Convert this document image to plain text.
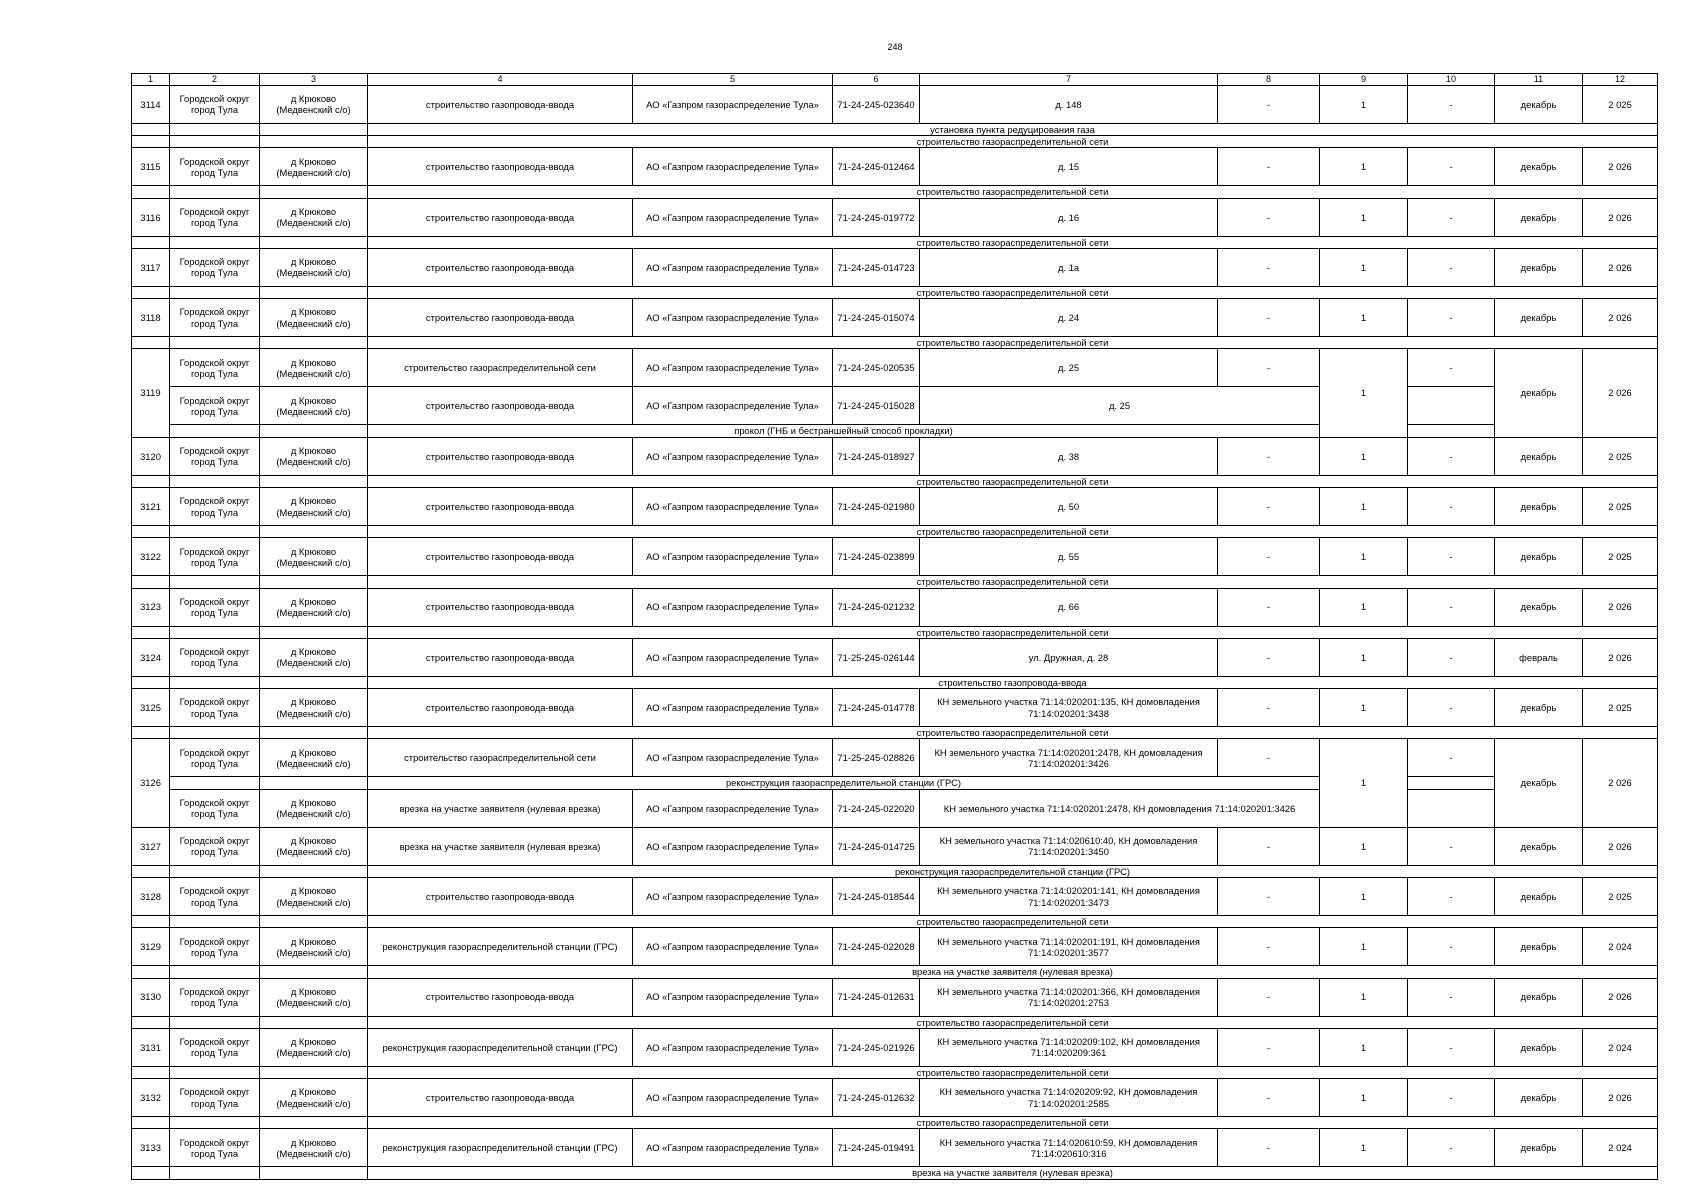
248
1	2	3	4	5	6	7	8	9	10	11	12
3114	Городской округ город Тула	д Крюково (Медвенский с/о)	строительство газопровода-ввода	АО «Газпром газораспределение Тула»	71-24-245-023640	д. 148	-	1	-	декабрь	2 025
			установка пункта редуцирования газа								
			строительство газораспределительной сети								
3115	Городской округ город Тула	д Крюково (Медвенский с/о)	строительство газопровода-ввода	АО «Газпром газораспределение Тула»	71-24-245-012464	д. 15	-	1	-	декабрь	2 026
			строительство газораспределительной сети								
3116	Городской округ город Тула	д Крюково (Медвенский с/о)	строительство газопровода-ввода	АО «Газпром газораспределение Тула»	71-24-245-019772	д. 16	-	1	-	декабрь	2 026
			строительство газораспределительной сети								
3117	Городской округ город Тула	д Крюково (Медвенский с/о)	строительство газопровода-ввода	АО «Газпром газораспределение Тула»	71-24-245-014723	д. 1а	-	1	-	декабрь	2 026
			строительство газораспределительной сети								
3118	Городской округ город Тула	д Крюково (Медвенский с/о)	строительство газопровода-ввода	АО «Газпром газораспределение Тула»	71-24-245-015074	д. 24	-	1	-	декабрь	2 026
			строительство газораспределительной сети								
3119	Городской округ город Тула	д Крюково (Медвенский с/о)	строительство газораспределительной сети	АО «Газпром газораспределение Тула»	71-24-245-020535	д. 25	-	1	-	декабрь	2 026
	Городской округ город Тула	д Крюково (Медвенский с/о)	строительство газопровода-ввода	АО «Газпром газораспределение Тула»	71-24-245-015028	д. 25					
			прокол (ГНБ и бестраншейный способ прокладки)								
3120	Городской округ город Тула	д Крюково (Медвенский с/о)	строительство газопровода-ввода	АО «Газпром газораспределение Тула»	71-24-245-018927	д. 38	-	1	-	декабрь	2 025
			строительство газораспределительной сети								
3121	Городской округ город Тула	д Крюково (Медвенский с/о)	строительство газопровода-ввода	АО «Газпром газораспределение Тула»	71-24-245-021980	д. 50	-	1	-	декабрь	2 025
			строительство газораспределительной сети								
3122	Городской округ город Тула	д Крюково (Медвенский с/о)	строительство газопровода-ввода	АО «Газпром газораспределение Тула»	71-24-245-023899	д. 55	-	1	-	декабрь	2 025
			строительство газораспределительной сети								
3123	Городской округ город Тула	д Крюково (Медвенский с/о)	строительство газопровода-ввода	АО «Газпром газораспределение Тула»	71-24-245-021232	д. 66	-	1	-	декабрь	2 026
			строительство газораспределительной сети								
3124	Городской округ город Тула	д Крюково (Медвенский с/о)	строительство газопровода-ввода	АО «Газпром газораспределение Тула»	71-25-245-026144	ул. Дружная, д. 28	-	1	-	февраль	2 026
			строительство газопровода-ввода								
3125	Городской округ город Тула	д Крюково (Медвенский с/о)	строительство газопровода-ввода	АО «Газпром газораспределение Тула»	71-24-245-014778	КН земельного участка 71:14:020201:135, КН домовладения 71:14:020201:3438	-	1	-	декабрь	2 025
			строительство газораспределительной сети								
3126	Городской округ город Тула	д Крюково (Медвенский с/о)	строительство газораспределительной сети	АО «Газпром газораспределение Тула»	71-25-245-028826	КН земельного участка 71:14:020201:2478, КН домовладения 71:14:020201:3426	-	1	-	декабрь	2 026
			реконструкция газораспределительной станции (ГРС)								
	Городской округ город Тула	д Крюково (Медвенский с/о)	врезка на участке заявителя (нулевая врезка)	АО «Газпром газораспределение Тула»	71-24-245-022020	КН земельного участка 71:14:020201:2478, КН домовладения 71:14:020201:3426					
3127	Городской округ город Тула	д Крюково (Медвенский с/о)	врезка на участке заявителя (нулевая врезка)	АО «Газпром газораспределение Тула»	71-24-245-014725	КН земельного участка 71:14:020610:40, КН домовладения 71:14:020201:3450	-	1	-	декабрь	2 026
			реконструкция газораспределительной станции (ГРС)								
3128	Городской округ город Тула	д Крюково (Медвенский с/о)	строительство газопровода-ввода	АО «Газпром газораспределение Тула»	71-24-245-018544	КН земельного участка 71:14:020201:141, КН домовладения 71:14:020201:3473	-	1	-	декабрь	2 025
			строительство газораспределительной сети								
3129	Городской округ город Тула	д Крюково (Медвенский с/о)	реконструкция газораспределительной станции (ГРС)	АО «Газпром газораспределение Тула»	71-24-245-022028	КН земельного участка 71:14:020201:191, КН домовладения 71:14:020201:3577	-	1	-	декабрь	2 024
			врезка на участке заявителя (нулевая врезка)								
3130	Городской округ город Тула	д Крюково (Медвенский с/о)	строительство газопровода-ввода	АО «Газпром газораспределение Тула»	71-24-245-012631	КН земельного участка 71:14:020201:366, КН домовладения 71:14:020201:2753	-	1	-	декабрь	2 026
			строительство газораспределительной сети								
3131	Городской округ город Тула	д Крюково (Медвенский с/о)	реконструкция газораспределительной станции (ГРС)	АО «Газпром газораспределение Тула»	71-24-245-021926	КН земельного участка 71:14:020209:102, КН домовладения 71:14:020209:361	-	1	-	декабрь	2 024
			строительство газораспределительной сети								
3132	Городской округ город Тула	д Крюково (Медвенский с/о)	строительство газопровода-ввода	АО «Газпром газораспределение Тула»	71-24-245-012632	КН земельного участка 71:14:020209:92, КН домовладения 71:14:020201:2585	-	1	-	декабрь	2 026
			строительство газораспределительной сети								
3133	Городской округ город Тула	д Крюково (Медвенский с/о)	реконструкция газораспределительной станции (ГРС)	АО «Газпром газораспределение Тула»	71-24-245-019491	КН земельного участка 71:14:020610:59, КН домовладения 71:14:020610:316	-	1	-	декабрь	2 024
			врезка на участке заявителя (нулевая врезка)								
